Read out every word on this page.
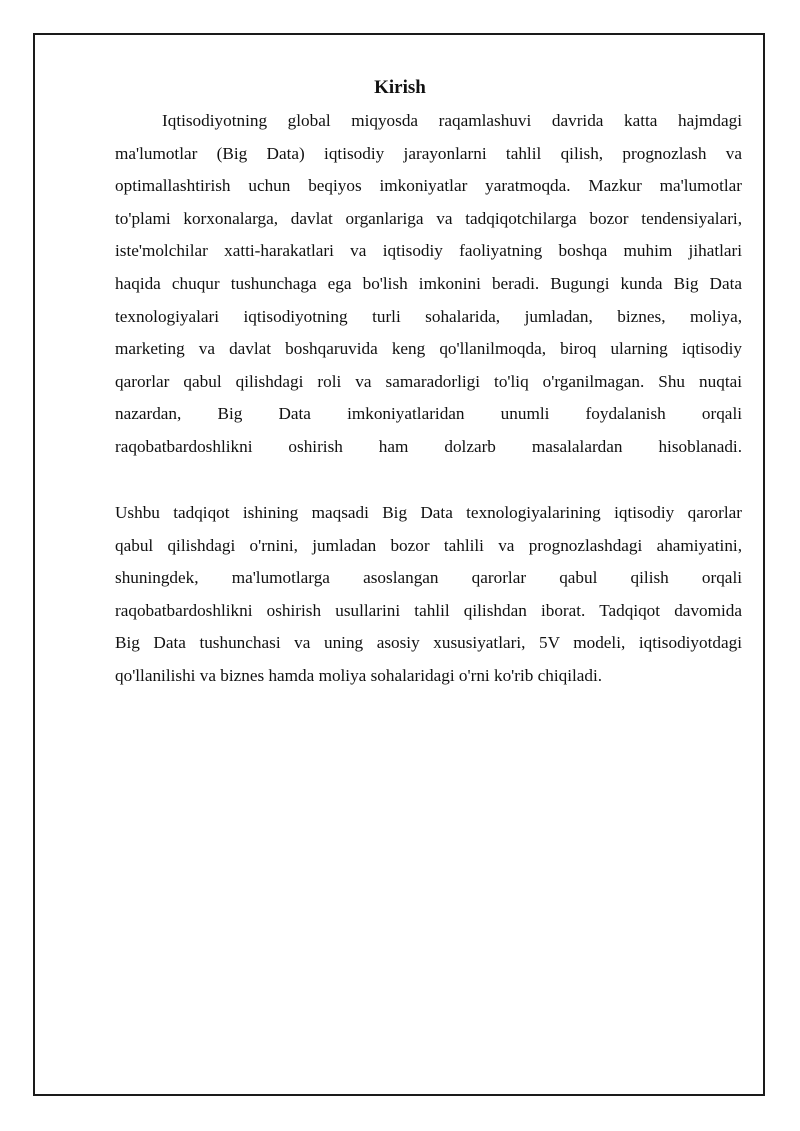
Kirish
Iqtisodiyotning global miqyosda raqamlashuvi davrida katta hajmdagi
ma'lumotlar (Big Data) iqtisodiy jarayonlarni tahlil qilish, prognozlash va
optimallashtirish uchun beqiyos imkoniyatlar yaratmoqda. Mazkur ma'lumotlar
to'plami korxonalarga, davlat organlariga va tadqiqotchilarga bozor tendensiyalari,
iste'molchilar xatti-harakatlari va iqtisodiy faoliyatning boshqa muhim jihatlari
haqida chuqur tushunchaga ega bo'lish imkonini beradi. Bugungi kunda Big Data
texnologiyalari iqtisodiyotning turli sohalarida, jumladan, biznes, moliya,
marketing va davlat boshqaruvida keng qo'llanilmoqda, biroq ularning iqtisodiy
qarorlar qabul qilishdagi roli va samaradorligi to'liq o'rganilmagan. Shu nuqtai
nazardan, Big Data imkoniyatlaridan unumli foydalanish orqali
raqobatbardoshlikni oshirish ham dolzarb masalalardan hisoblanadi.
Ushbu tadqiqot ishining maqsadi Big Data texnologiyalarining iqtisodiy qarorlar
qabul qilishdagi o'rnini, jumladan bozor tahlili va prognozlashdagi ahamiyatini,
shuningdek, ma'lumotlarga asoslangan qarorlar qabul qilish orqali
raqobatbardoshlikni oshirish usullarini tahlil qilishdan iborat. Tadqiqot davomida
Big Data tushunchasi va uning asosiy xususiyatlari, 5V modeli, iqtisodiyotdagi
qo'llanilishi va biznes hamda moliya sohalaridagi o'rni ko'rib chiqiladi.
